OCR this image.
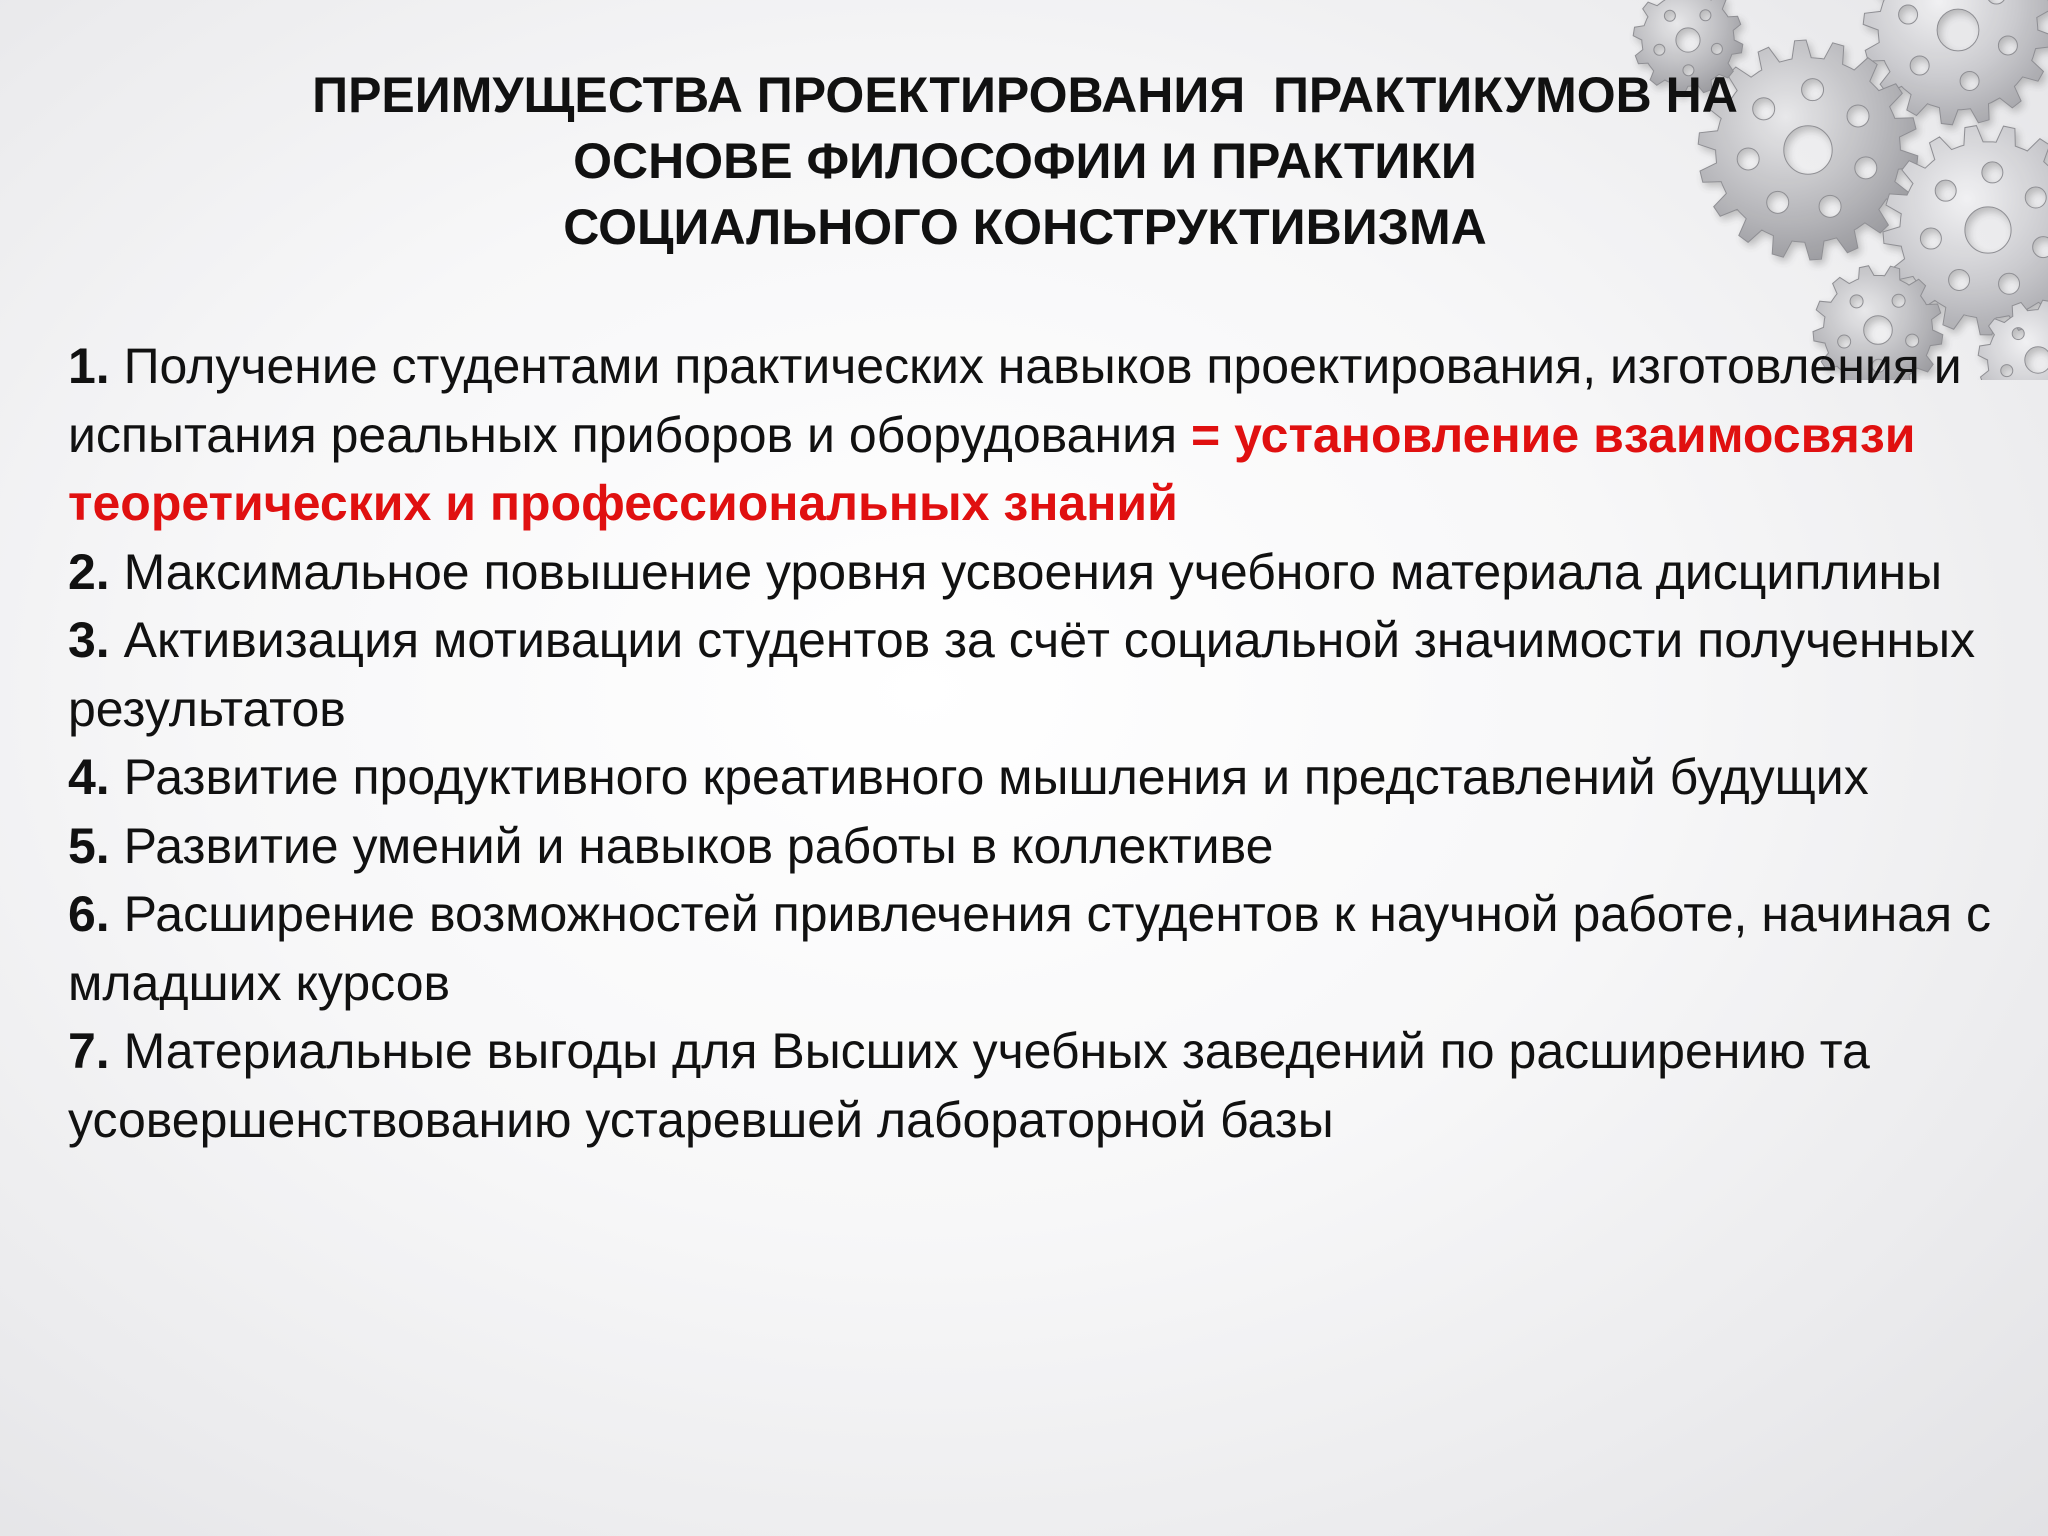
ПРЕИМУЩЕСТВА ПРОЕКТИРОВАНИЯ  ПРАКТИКУМОВ НА
ОСНОВЕ ФИЛОСОФИИ И ПРАКТИКИ
СОЦИАЛЬНОГО КОНСТРУКТИВИЗМА
1. Получение студентами практических навыков проектирования, изготовления и испытания реальных приборов и оборудования = установление взаимосвязи теоретических и профессиональных знаний
2. Максимальное повышение уровня усвоения учебного материала дисциплины
3. Активизация мотивации студентов за счёт социальной значимости полученных результатов
4. Развитие продуктивного креативного мышления и представлений будущих
5. Развитие умений и навыков работы в коллективе
6. Расширение возможностей привлечения студентов к научной работе, начиная с младших курсов
7. Материальные выгоды для Высших учебных заведений по расширению та усовершенствованию устаревшей лабораторной базы
